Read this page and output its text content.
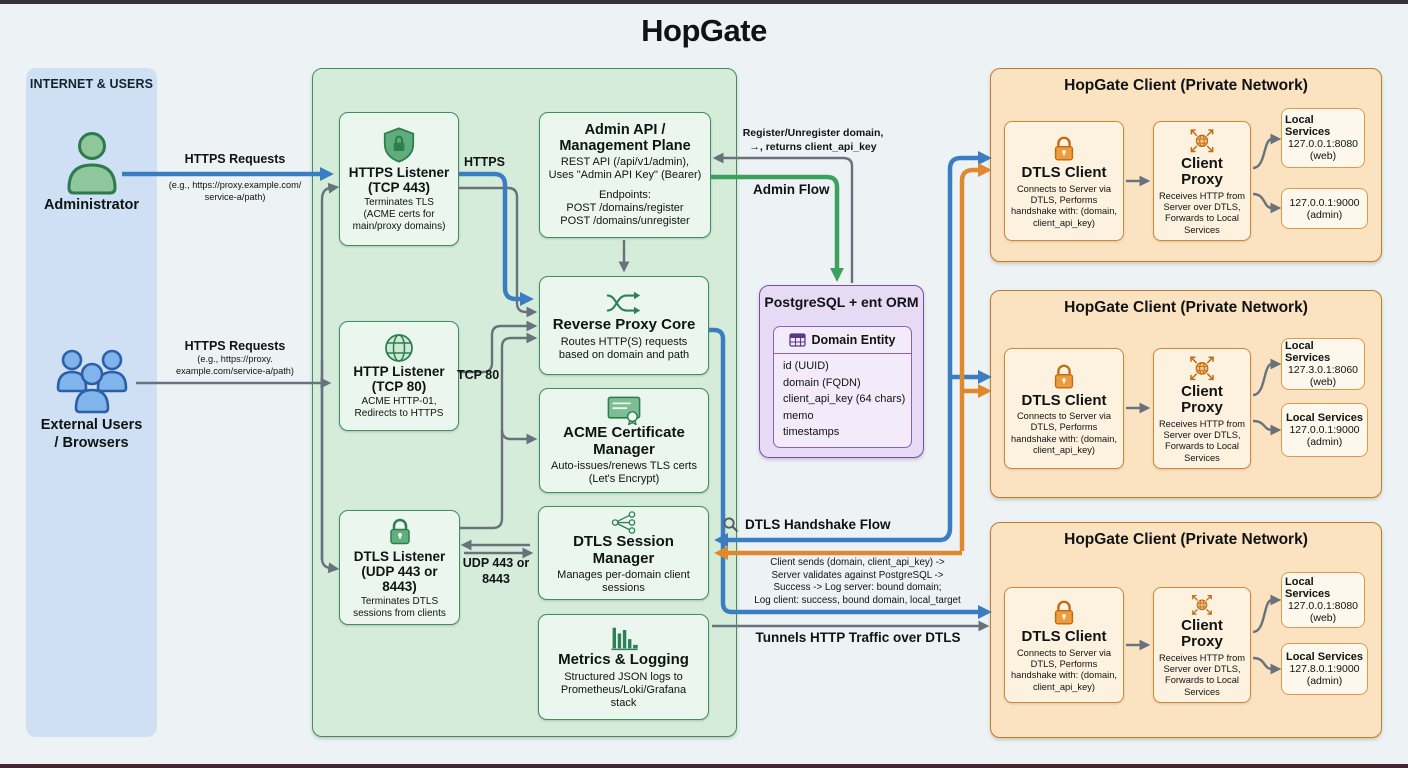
HopGate
INTERNET & USERS
Administrator
External Users
/ Browsers
HTTPS Listener
(TCP 443)
Terminates TLS (ACME certs for main/proxy domains)
HTTP Listener
(TCP 80)
ACME HTTP-01, Redirects to HTTPS
DTLS Listener
(UDP 443 or 8443)
Terminates DTLS sessions from clients
Admin API /
Management Plane
REST API (/api/v1/admin),
Uses "Admin API Key" (Bearer)
Endpoints:
POST /domains/register
POST /domains/unregister
Reverse Proxy Core
Routes HTTP(S) requests based on domain and path
ACME Certificate
Manager
Auto-issues/renews TLS certs (Let's Encrypt)
DTLS Session Manager
Manages per-domain client sessions
Metrics & Logging
Structured JSON logs to Prometheus/Loki/Grafana stack
PostgreSQL + ent ORM
Domain Entity
id (UUID)
domain (FQDN)
client_api_key (64 chars)
memo
timestamps
HopGate Client (Private Network)
HopGate Client (Private Network)
HopGate Client (Private Network)
DTLS Client
Connects to Server via DTLS, Performs handshake with: (domain, client_api_key)
Client Proxy
Receives HTTP from Server over DTLS, Forwards to Local Services
Local Services
127.0.0.1:8080
(web)
127.0.0.1:9000
(admin)
DTLS Client
Connects to Server via DTLS, Performs handshake with: (domain, client_api_key)
Client Proxy
Receives HTTP from Server over DTLS, Forwards to Local Services
Local Services
127.3.0.1:8060
(web)
Local Services
127.0.0.1:9000
(admin)
DTLS Client
Connects to Server via DTLS, Performs handshake with: (domain, client_api_key)
Client Proxy
Receives HTTP from Server over DTLS, Forwards to Local Services
Local Services
127.0.0.1:8080
(web)
Local Services
127.8.0.1:9000
(admin)
HTTPS Requests
(e.g., https://proxy.example.com/
service-a/path)
HTTPS Requests
(e.g., https://proxy.
example.com/service-a/path)
HTTPS
TCP 80
UDP 443 or
8443
Register/Unregister domain,
→, returns client_api_key
Admin Flow
DTLS Handshake Flow
Client sends (domain, client_api_key) ->
Server validates against PostgreSQL ->
Success -> Log server: bound domain;
Log client: success, bound domain, local_target
Tunnels HTTP Traffic over DTLS
